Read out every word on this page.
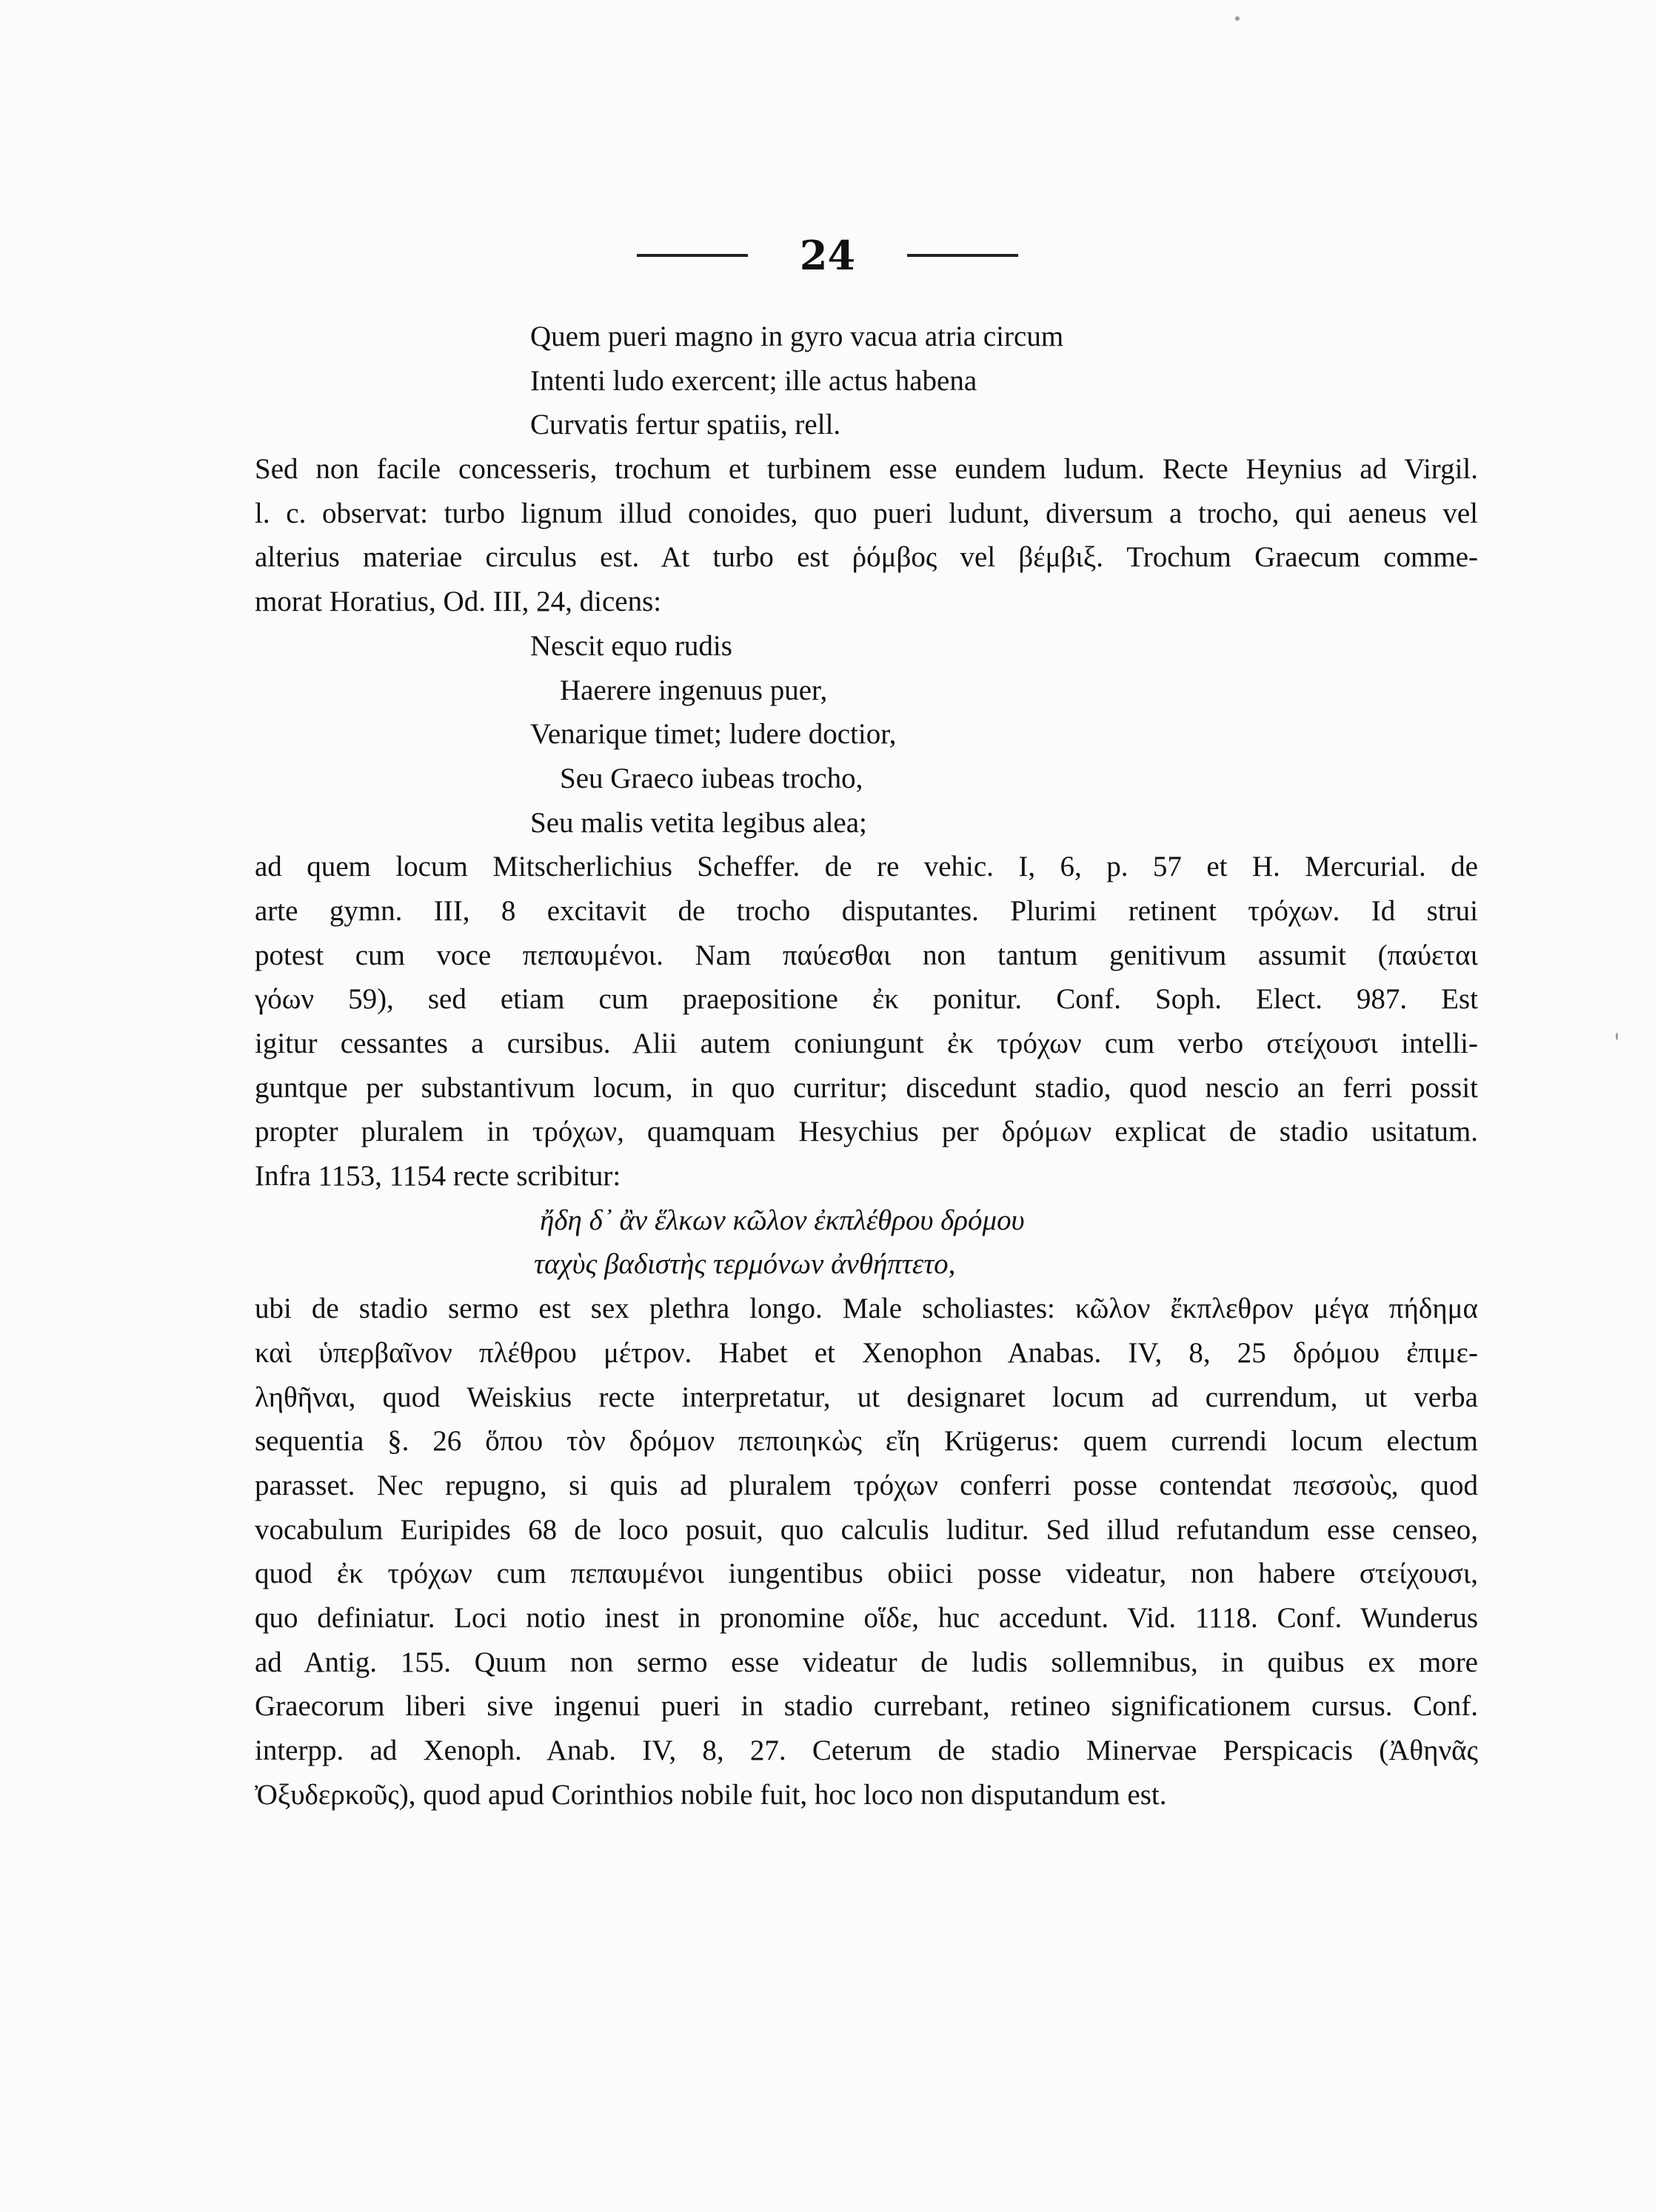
24
Quem pueri magno in gyro vacua atria circum
Intenti ludo exercent; ille actus habena
Curvatis fertur spatiis, rell.
Sed non facile concesseris, trochum et turbinem esse eundem ludum. Recte Heynius ad Virgil.
l. c. observat: turbo lignum illud conoides, quo pueri ludunt, diversum a trocho, qui aeneus vel
alterius materiae circulus est. At turbo est ῥόμβος vel βέμβιξ. Trochum Graecum comme-
morat Horatius, Od. III, 24, dicens:
Nescit equo rudis
Haerere ingenuus puer,
Venarique timet; ludere doctior,
Seu Graeco iubeas trocho,
Seu malis vetita legibus alea;
ad quem locum Mitscherlichius Scheffer. de re vehic. I, 6, p. 57 et H. Mercurial. de
arte gymn. III, 8 excitavit de trocho disputantes. Plurimi retinent τρόχων. Id strui
potest cum voce πεπαυμένοι. Nam παύεσθαι non tantum genitivum assumit (παύεται
γόων 59), sed etiam cum praepositione ἐκ ponitur. Conf. Soph. Elect. 987. Est
igitur cessantes a cursibus. Alii autem coniungunt ἐκ τρόχων cum verbo στείχουσι intelli-
guntque per substantivum locum, in quo curritur; discedunt stadio, quod nescio an ferri possit
propter pluralem in τρόχων, quamquam Hesychius per δρόμων explicat de stadio usitatum.
Infra 1153, 1154 recte scribitur:
ἤδη δ᾽ ἂν ἕλκων κῶλον ἐκπλέθρου δρόμου
ταχὺς βαδιστὴς τερμόνων ἀνθήπτετο,
ubi de stadio sermo est sex plethra longo. Male scholiastes: κῶλον ἔκπλεθρον μέγα πήδημα
καὶ ὑπερβαῖνον πλέθρου μέτρον. Habet et Xenophon Anabas. IV, 8, 25 δρόμου ἐπιμε-
ληθῆναι, quod Weiskius recte interpretatur, ut designaret locum ad currendum, ut verba
sequentia §. 26 ὅπου τὸν δρόμον πεποιηκὼς εἴη Krügerus: quem currendi locum electum
parasset. Nec repugno, si quis ad pluralem τρόχων conferri posse contendat πεσσοὺς, quod
vocabulum Euripides 68 de loco posuit, quo calculis luditur. Sed illud refutandum esse censeo,
quod ἐκ τρόχων cum πεπαυμένοι iungentibus obiici posse videatur, non habere στείχουσι,
quo definiatur. Loci notio inest in pronomine οἵδε, huc accedunt. Vid. 1118. Conf. Wunderus
ad Antig. 155. Quum non sermo esse videatur de ludis sollemnibus, in quibus ex more
Graecorum liberi sive ingenui pueri in stadio currebant, retineo significationem cursus. Conf.
interpp. ad Xenoph. Anab. IV, 8, 27. Ceterum de stadio Minervae Perspicacis (Ἀθηνᾶς
Ὀξυδερκοῦς), quod apud Corinthios nobile fuit, hoc loco non disputandum est.
